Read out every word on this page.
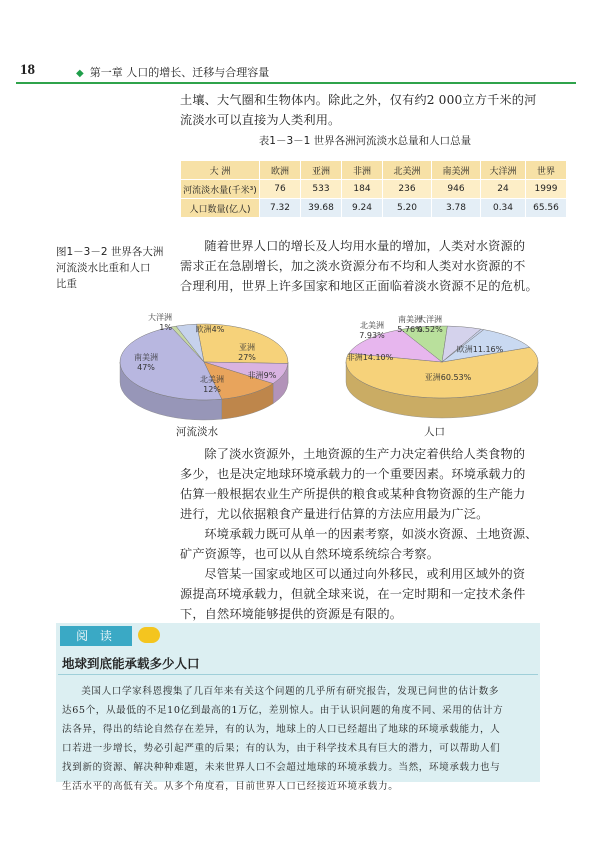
18	◆ 第一章 人口的增长、迁移与合理容量

土壤、大气圈和生物体内。除此之外，仅有约2 000立方千米的河

流淡水可以直接为人类利用。

表1－3－1 世界各洲河流淡水总量和人口总量
大 洲	欧洲	亚洲	非洲	北美洲	南美洲	大洋洲	世界
河流淡水量(千米³)	76	533	184	236	946	24	1999
人口数量(亿人)	7.32	39.68	9.24	5.20	3.78	0.34	65.56
图1－3－2 世界各大洲
河流淡水比重和人口
比重

随着世界人口的增长及人均用水量的增加，人类对水资源的

需求正在急剧增长，加之淡水资源分布不均和人类对水资源的不

合理利用，世界上许多国家和地区正面临着淡水资源不足的危机。

亚洲 27%
非洲9%
北美洲 12%
南美洲 47%
大洋洲 1%	欧洲4%
亚洲60.53%
非洲14.10%
北美洲 7.93%
南美洲 5.76%
大洋洲 0.52%
欧洲11.16%
河流淡水	人口

除了淡水资源外，土地资源的生产力决定着供给人类食物的

多少，也是决定地球环境承载力的一个重要因素。环境承载力的

估算一般根据农业生产所提供的粮食或某种食物资源的生产能力

进行，尤以依据粮食产量进行估算的方法应用最为广泛。

环境承载力既可从单一的因素考察，如淡水资源、土地资源、

矿产资源等，也可以从自然环境系统综合考察。

尽管某一国家或地区可以通过向外移民，或利用区域外的资

源提高环境承载力，但就全球来说，在一定时期和一定技术条件

下，自然环境能够提供的资源是有限的。

阅 读
地球到底能承载多少人口

美国人口学家科恩搜集了几百年来有关这个问题的几乎所有研究报告，发现已问世的估计数多

达65个，从最低的不足10亿到最高的1万亿，差别惊人。由于认识问题的角度不同、采用的估计方

法各异，得出的结论自然存在差异，有的认为，地球上的人口已经超出了地球的环境承载能力，人

口若进一步增长，势必引起严重的后果；有的认为，由于科学技术具有巨大的潜力，可以帮助人们

找到新的资源、解决种种难题，未来世界人口不会超过地球的环境承载力。当然，环境承载力也与

生活水平的高低有关。从多个角度看，目前世界人口已经接近环境承载力。
